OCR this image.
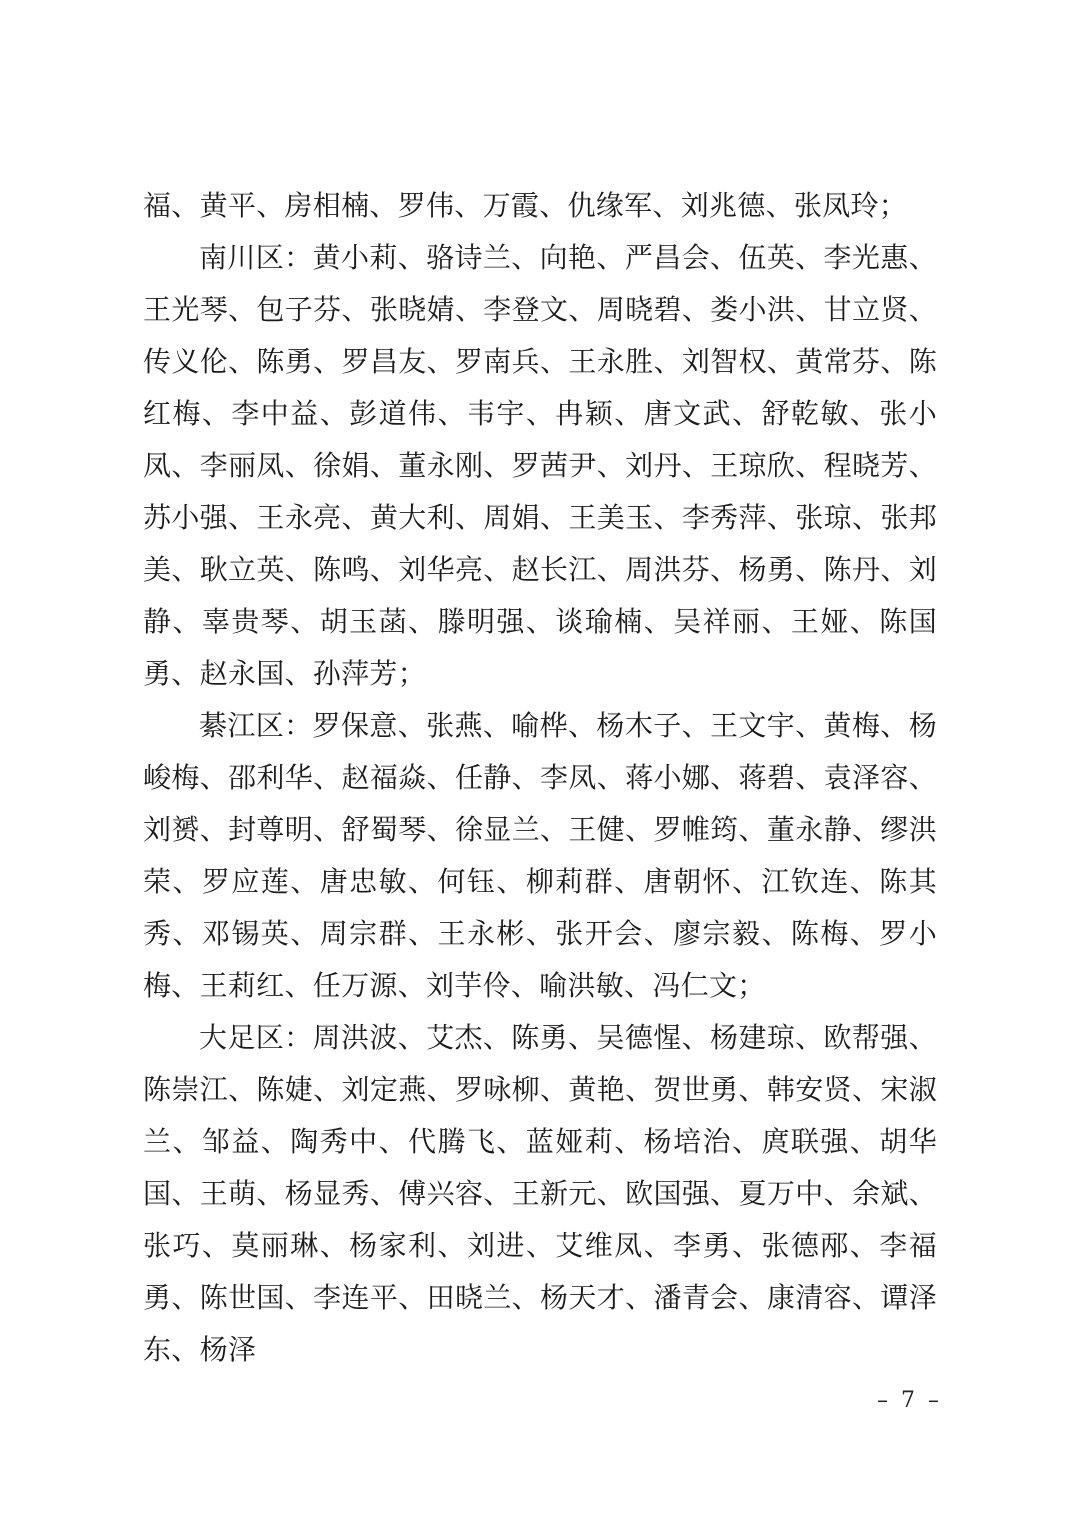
福、黄平、房相楠、罗伟、万霞、仇缘军、刘兆德、张凤玲；

南川区：黄小莉、骆诗兰、向艳、严昌会、伍英、李光惠、王光琴、包子芬、张晓婧、李登文、周晓碧、娄小洪、甘立贤、传义伦、陈勇、罗昌友、罗南兵、王永胜、刘智权、黄常芬、陈红梅、李中益、彭道伟、韦宇、冉颖、唐文武、舒乾敏、张小凤、李丽凤、徐娟、董永刚、罗茜尹、刘丹、王琼欣、程晓芳、苏小强、王永亮、黄大利、周娟、王美玉、李秀萍、张琼、张邦美、耿立英、陈鸣、刘华亮、赵长江、周洪芬、杨勇、陈丹、刘静、辜贵琴、胡玉菡、滕明强、谈瑜楠、吴祥丽、王娅、陈国勇、赵永国、孙萍芳；

綦江区：罗保意、张燕、喻桦、杨木子、王文宇、黄梅、杨峻梅、邵利华、赵福焱、任静、李凤、蒋小娜、蒋碧、袁泽容、刘赟、封尊明、舒蜀琴、徐显兰、王健、罗帷筠、董永静、缪洪荣、罗应莲、唐忠敏、何钰、柳莉群、唐朝怀、江钦连、陈其秀、邓锡英、周宗群、王永彬、张开会、廖宗毅、陈梅、罗小梅、王莉红、任万源、刘芋伶、喻洪敏、冯仁文；

大足区：周洪波、艾杰、陈勇、吴德惺、杨建琼、欧帮强、陈崇江、陈婕、刘定燕、罗咏柳、黄艳、贺世勇、韩安贤、宋淑兰、邹益、陶秀中、代腾飞、蓝娅莉、杨培治、庹联强、胡华国、王萌、杨显秀、傅兴容、王新元、欧国强、夏万中、余斌、张巧、莫丽琳、杨家利、刘进、艾维凤、李勇、张德邴、李福勇、陈世国、李连平、田晓兰、杨天才、潘青会、康清容、谭泽东、杨泽

– 7 –
